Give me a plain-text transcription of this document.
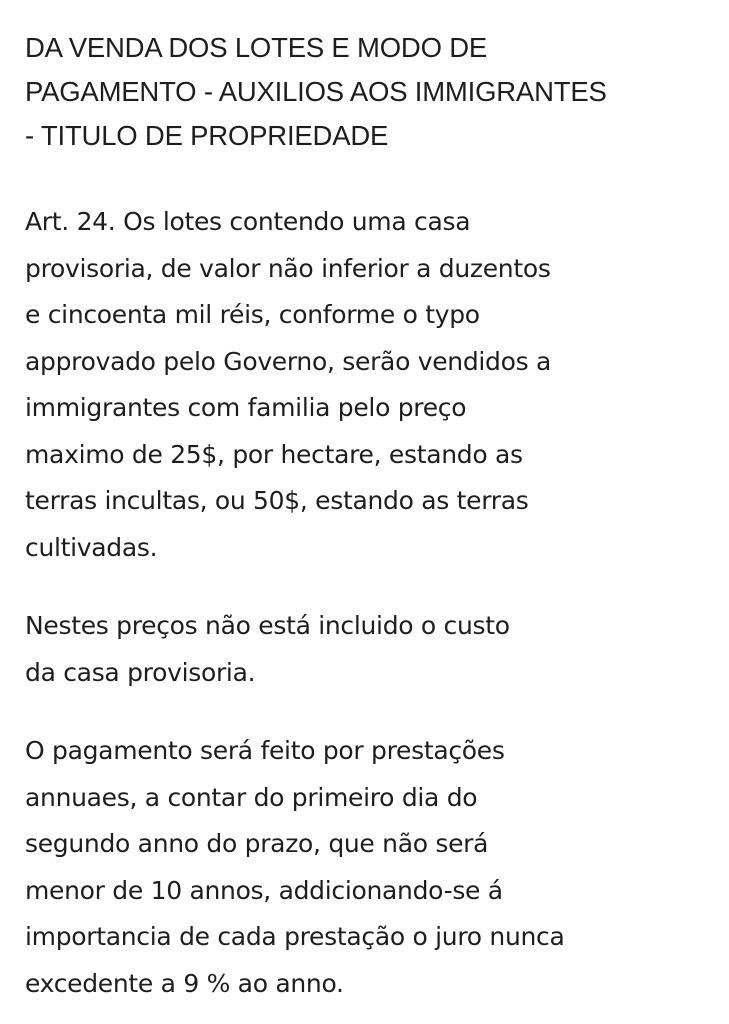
DA VENDA DOS LOTES E MODO DE
PAGAMENTO - AUXILIOS AOS IMMIGRANTES
- TITULO DE PROPRIEDADE

Art. 24. Os lotes contendo uma casa
provisoria, de valor não inferior a duzentos
e cincoenta mil réis, conforme o typo
approvado pelo Governo, serão vendidos a
immigrantes com familia pelo preço
maximo de 25$, por hectare, estando as
terras incultas, ou 50$, estando as terras
cultivadas.

Nestes preços não está incluido o custo
da casa provisoria.

O pagamento será feito por prestações
annuaes, a contar do primeiro dia do
segundo anno do prazo, que não será
menor de 10 annos, addicionando-se á
importancia de cada prestação o juro nunca
excedente a 9 % ao anno.
